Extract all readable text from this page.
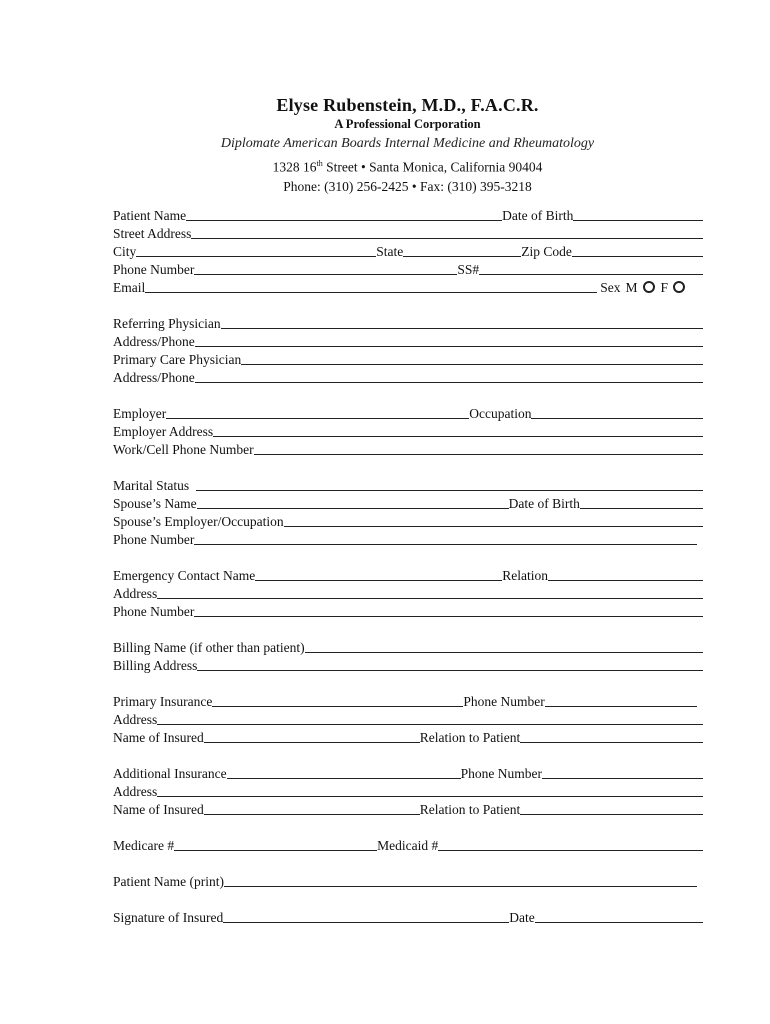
Elyse Rubenstein, M.D., F.A.C.R.
A Professional Corporation
Diplomate American Boards Internal Medicine and Rheumatology
1328 16th Street • Santa Monica, California 90404
Phone: (310) 256-2425 • Fax: (310) 395-3218
Patient Name	Date of Birth
Street Address
City	State	Zip Code
Phone Number	SS#
Email	Sex M F
Referring Physician
Address/Phone
Primary Care Physician
Address/Phone
Employer	Occupation
Employer Address
Work/Cell Phone Number
Marital Status
Spouse’s Name	Date of Birth
Spouse’s Employer/Occupation
Phone Number
Emergency Contact Name	Relation
Address
Phone Number
Billing Name (if other than patient)
Billing Address
Primary Insurance	Phone Number
Address
Name of Insured	Relation to Patient
Additional Insurance	Phone Number
Address
Name of Insured	Relation to Patient
Medicare #	Medicaid #
Patient Name (print)
Signature of Insured	Date
